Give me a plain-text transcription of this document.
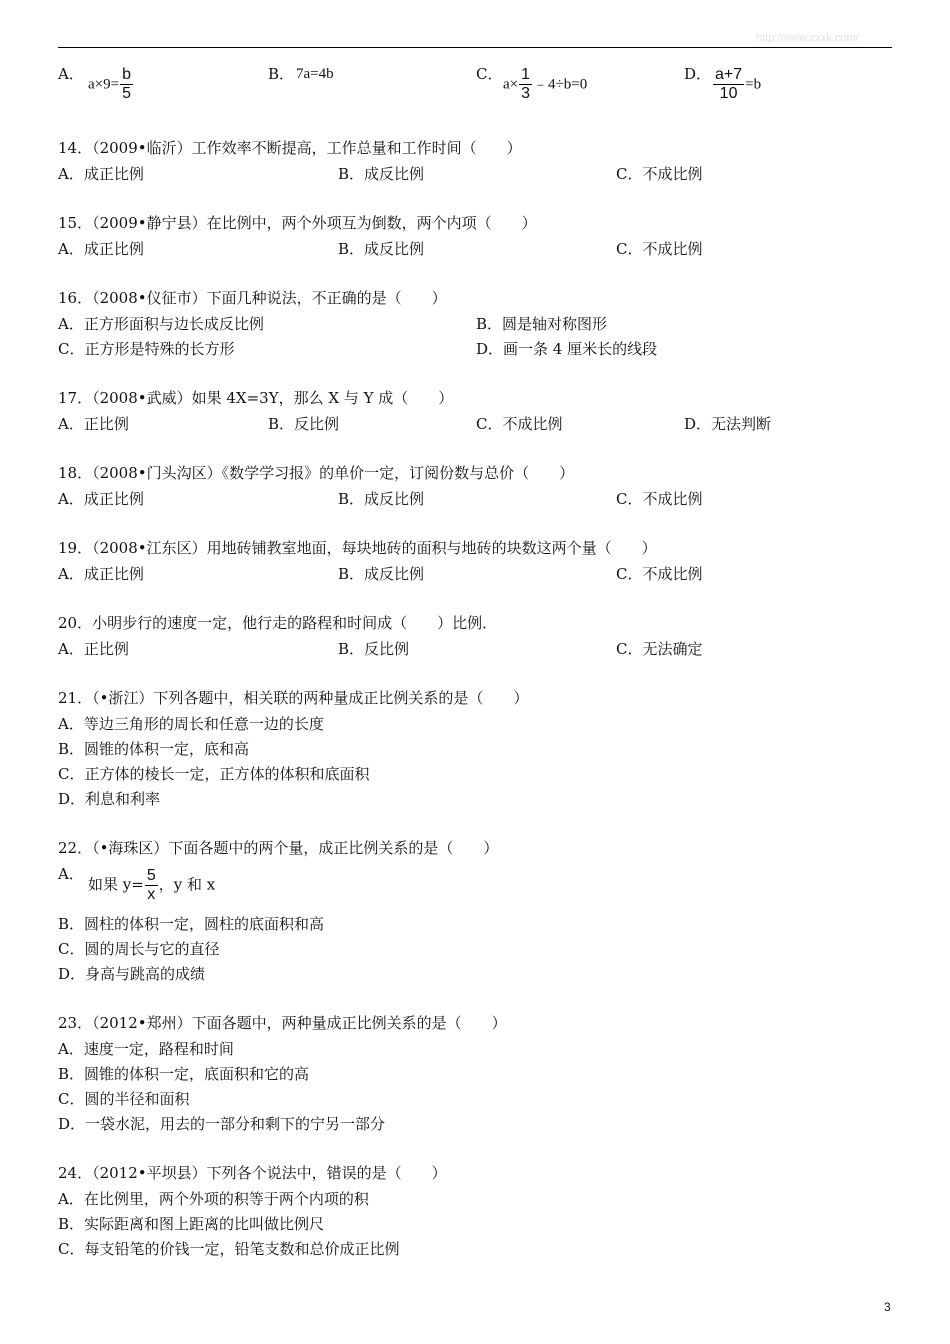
http://www.zxxk.com/
A．
$a\times 9= \frac{b}{5}$	B． 7a=4b	C．
$a\times \frac{1}{3}$ ﹣4÷b=0
D． $\frac{a+7}{10} =b$
14．（2009•临沂）工作效率不断提高，工作总量和工作时间（　　）
A．成正比例	B．成反比例	C．不成比例
15．（2009•静宁县）在比例中，两个外项互为倒数，两个内项（　　）
A．成正比例	B．成反比例	C．不成比例
16．（2008•仪征市）下面几种说法，不正确的是（　　）
A．正方形面积与边长成反比例	B．圆是轴对称图形
C．正方形是特殊的长方形	D．画一条 4 厘米长的线段
17．（2008•武威）如果 4X=3Y，那么 X 与 Y 成（　　）
A．正比例	B．反比例	C．不成比例	D．无法判断
18．（2008•门头沟区）《数学学习报》的单价一定，订阅份数与总价（　　）
A．成正比例	B．成反比例	C．不成比例
19．（2008•江东区）用地砖铺教室地面，每块地砖的面积与地砖的块数这两个量（　　）
A．成正比例	B．成反比例	C．不成比例
20．小明步行的速度一定，他行走的路程和时间成（　　）比例．
A．正比例	B．反比例	C．无法确定
21．（•浙江）下列各题中，相关联的两种量成正比例关系的是（　　）
A．等边三角形的周长和任意一边的长度
B．圆锥的体积一定，底和高
C．正方体的棱长一定，正方体的体积和底面积
D．利息和利率
22．（•海珠区）下面各题中的两个量，成正比例关系的是（　　）
A．
如果 $y= \frac{5}{x}$ ，y 和 x
B．圆柱的体积一定，圆柱的底面积和高
C．圆的周长与它的直径
D．身高与跳高的成绩
23．（2012•郑州）下面各题中，两种量成正比例关系的是（　　）
A．速度一定，路程和时间
B．圆锥的体积一定，底面积和它的高
C．圆的半径和面积
D．一袋水泥，用去的一部分和剩下的宁另一部分
24．（2012•平坝县）下列各个说法中，错误的是（　　）
A．在比例里，两个外项的积等于两个内项的积
B．实际距离和图上距离的比叫做比例尺
C．每支铅笔的价钱一定，铅笔支数和总价成正比例
3
